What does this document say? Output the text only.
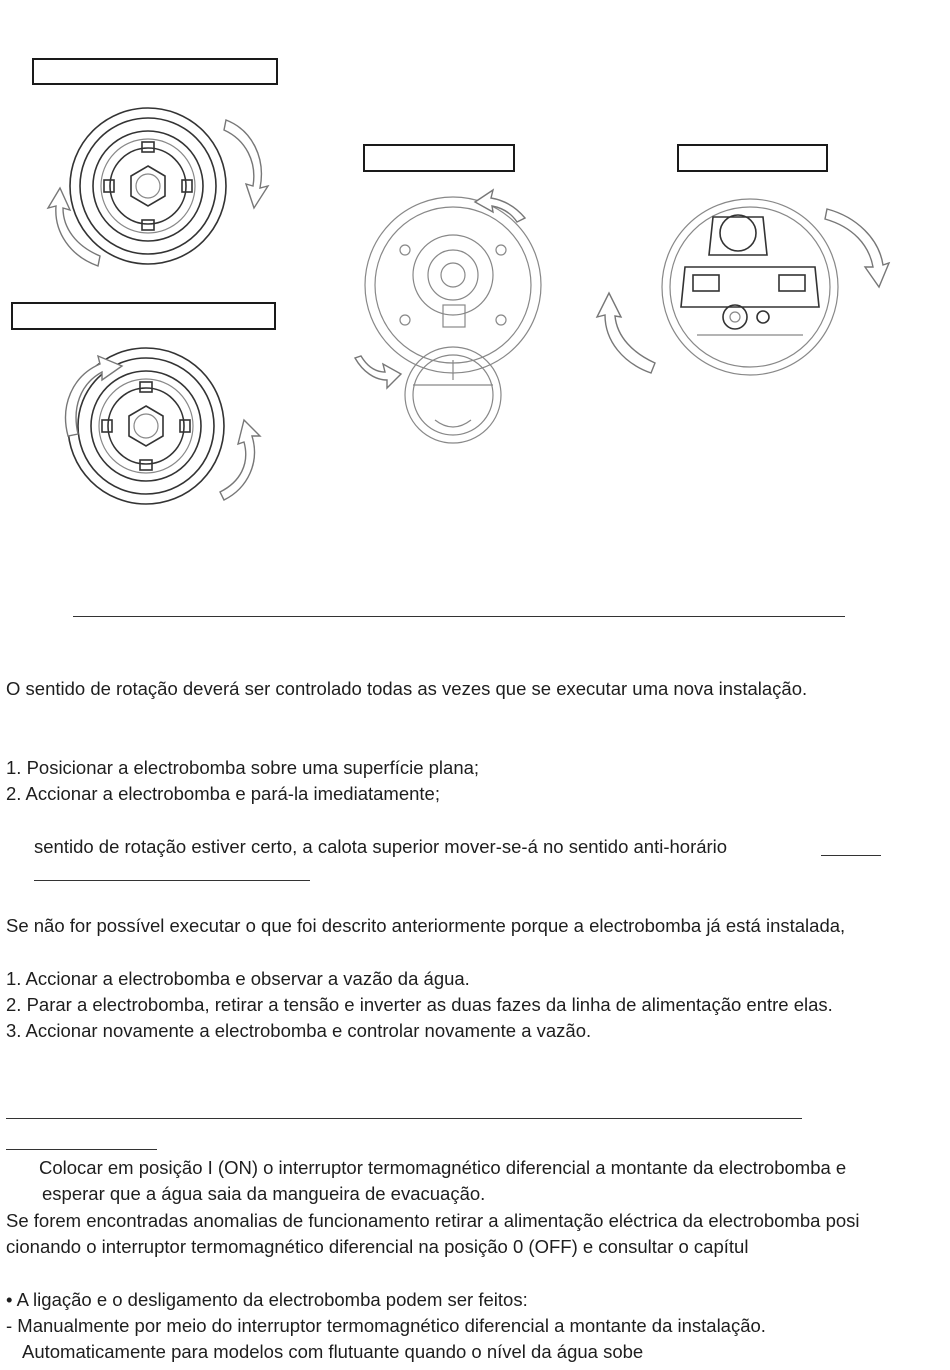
O sentido de rotação deverá ser controlado todas as vezes que se executar uma nova instalação.
1. Posicionar a electrobomba sobre uma superfície plana;
2. Accionar a electrobomba e pará-la imediatamente;
sentido de rotação estiver certo, a calota superior mover-se-á no sentido anti-horário
Se não for possível executar o que foi descrito anteriormente porque a electrobomba já está instalada,
1. Accionar a electrobomba e observar a vazão da água.
2. Parar a electrobomba, retirar a tensão e inverter as duas fazes da linha de alimentação entre elas.
3. Accionar novamente a electrobomba e controlar novamente a vazão.
Colocar em posição I (ON) o interruptor termomagnético diferencial a montante da electrobomba e
esperar que a água saia da mangueira de evacuação.
Se forem encontradas anomalias de funcionamento retirar a alimentação eléctrica da electrobomba posi
cionando o interruptor termomagnético diferencial na posição 0 (OFF) e consultar o capítul
• A ligação e o desligamento da electrobomba podem ser feitos:
- Manualmente por meio do interruptor termomagnético diferencial a montante da instalação.
Automaticamente para modelos com flutuante quando o nível da água sobe
